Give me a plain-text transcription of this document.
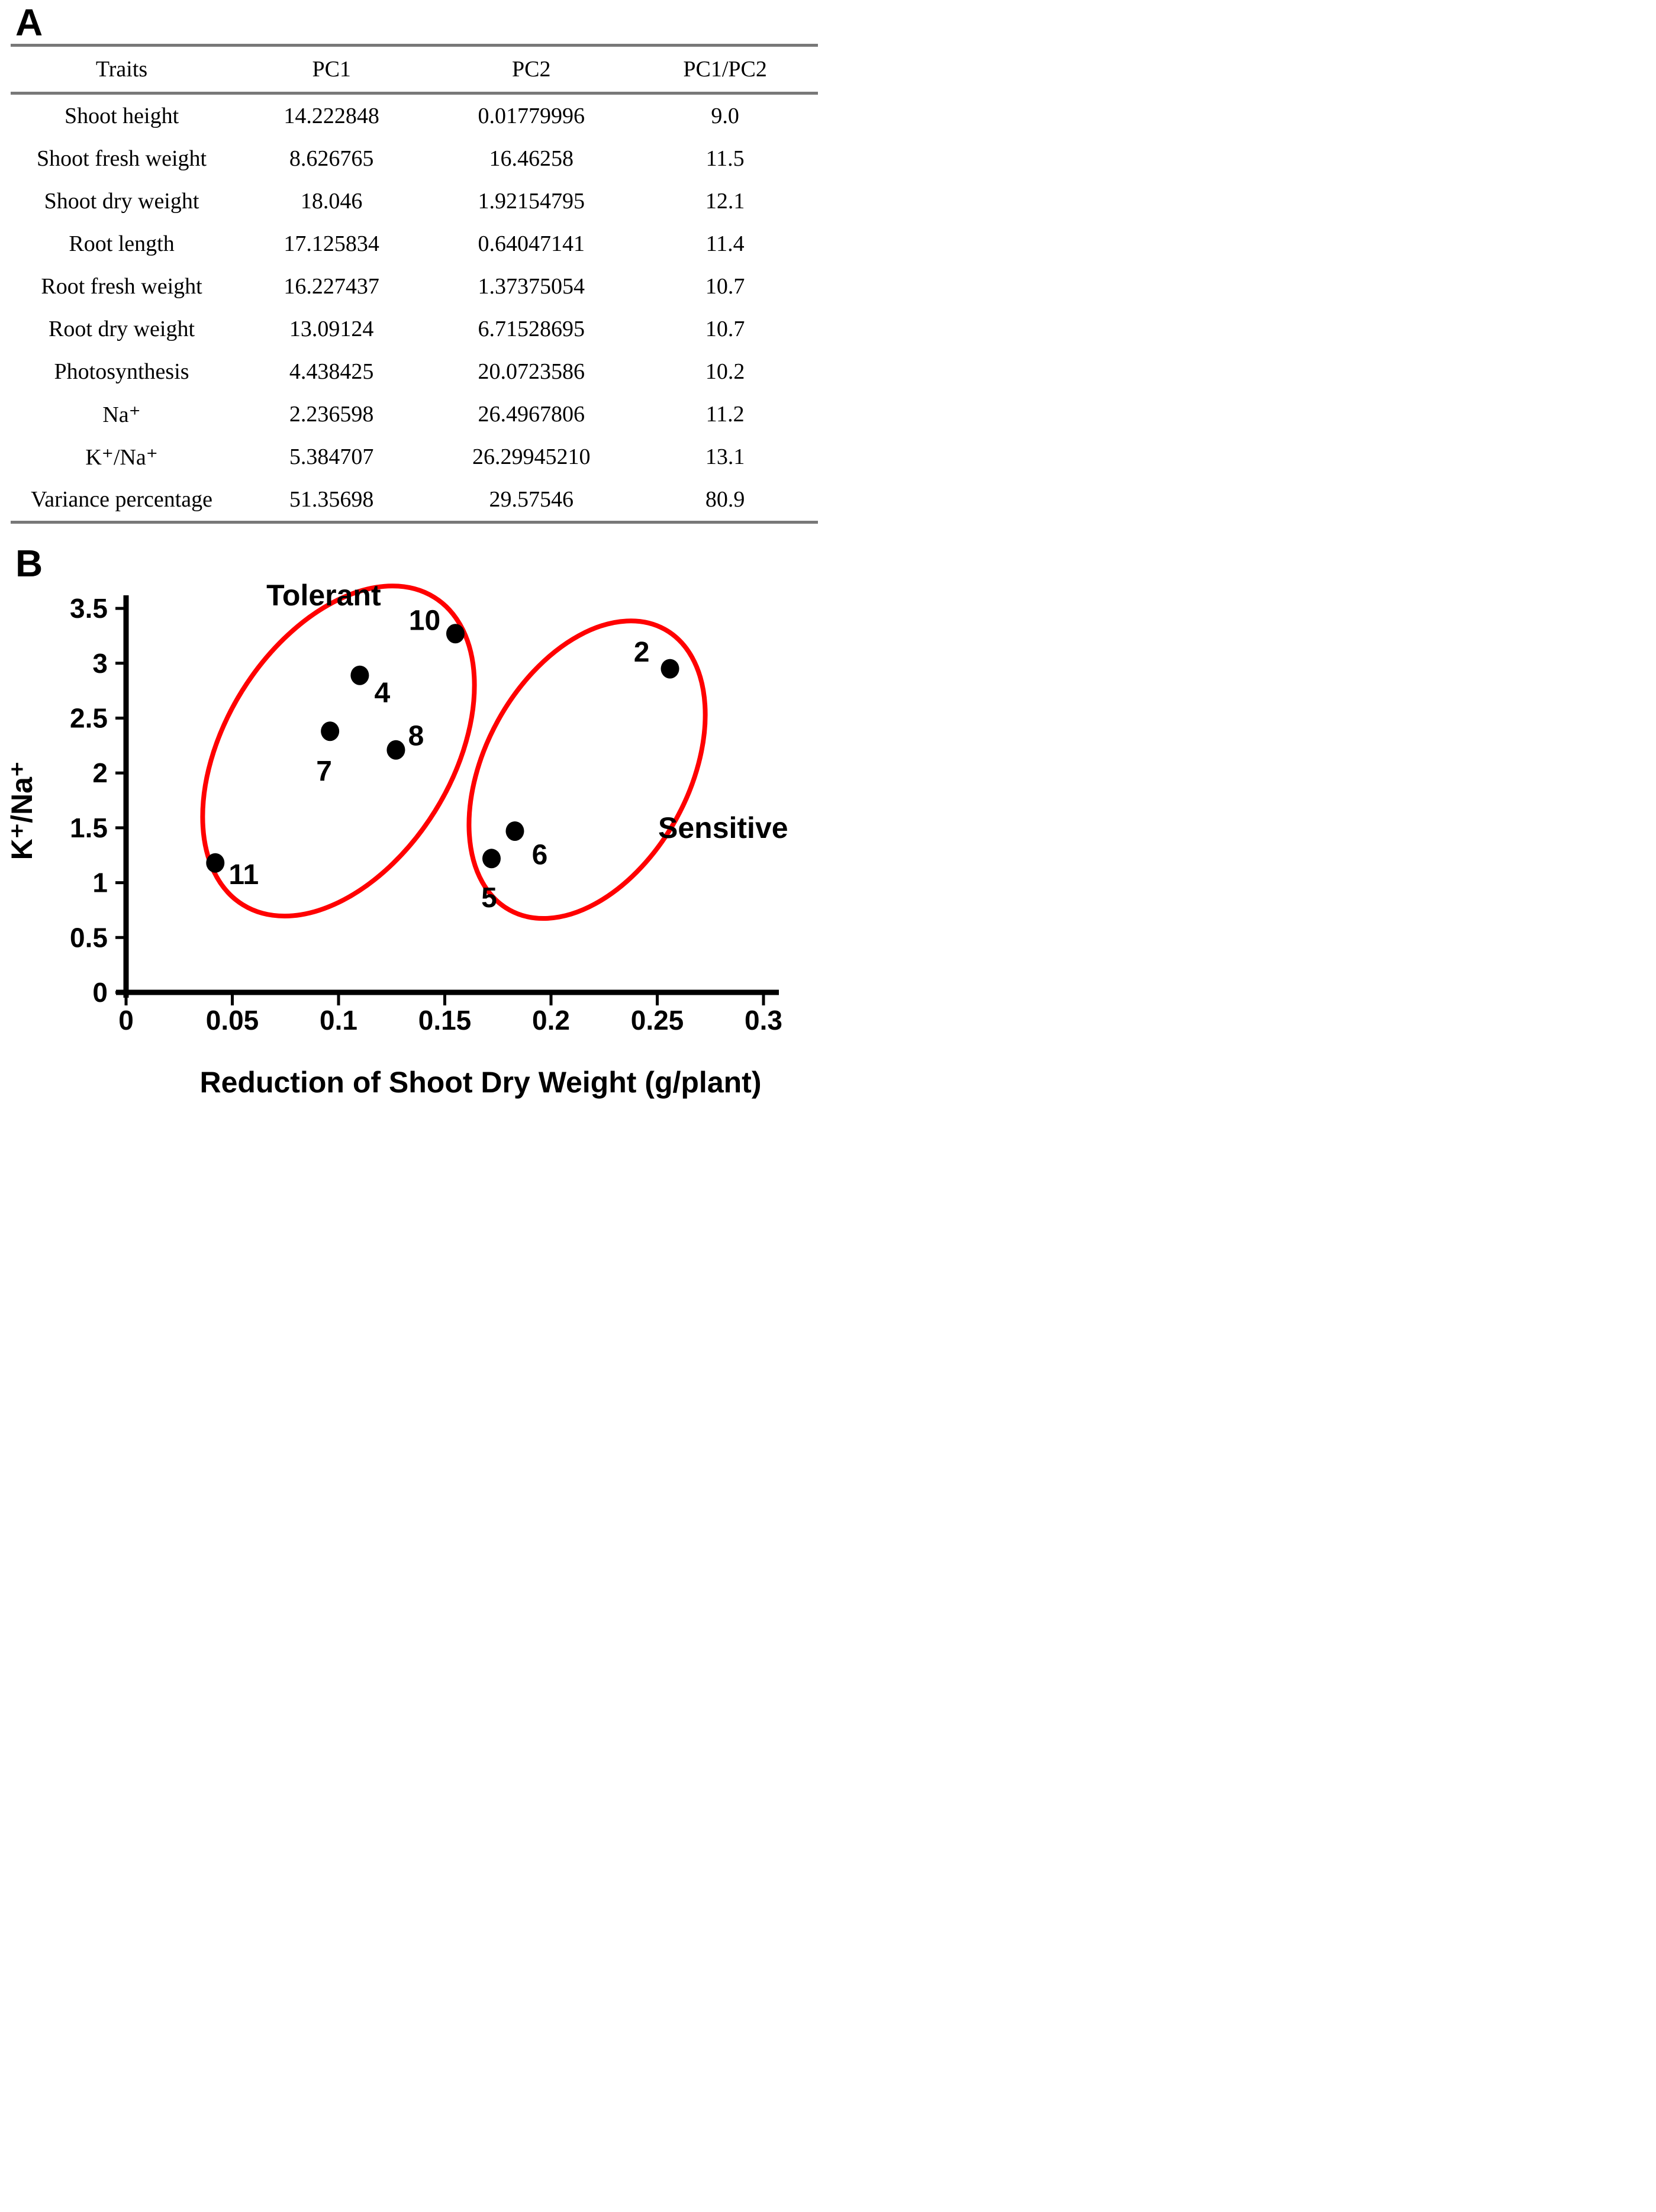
A
Traits	PC1	PC2	PC1/PC2
Shoot height	14.222848	0.01779996	9.0
Shoot fresh weight	8.626765	16.46258	11.5
Shoot dry weight	18.046	1.92154795	12.1
Root length	17.125834	0.64047141	11.4
Root fresh weight	16.227437	1.37375054	10.7
Root dry weight	13.09124	6.71528695	10.7
Photosynthesis	4.438425	20.0723586	10.2
Na⁺	2.236598	26.4967806	11.2
K⁺/Na⁺	5.384707	26.29945210	13.1
Variance percentage	51.35698	29.57546	80.9
B
0	0.05 0.1 0.15 0.2 0.25 0.3
0
0.5
1
1.5
2
2.5
3
3.5
2
4
5
6
7
8
10
11
Tolerant
Sensitive
Reduction of Shoot Dry Weight (g/plant)
K⁺/Na⁺
